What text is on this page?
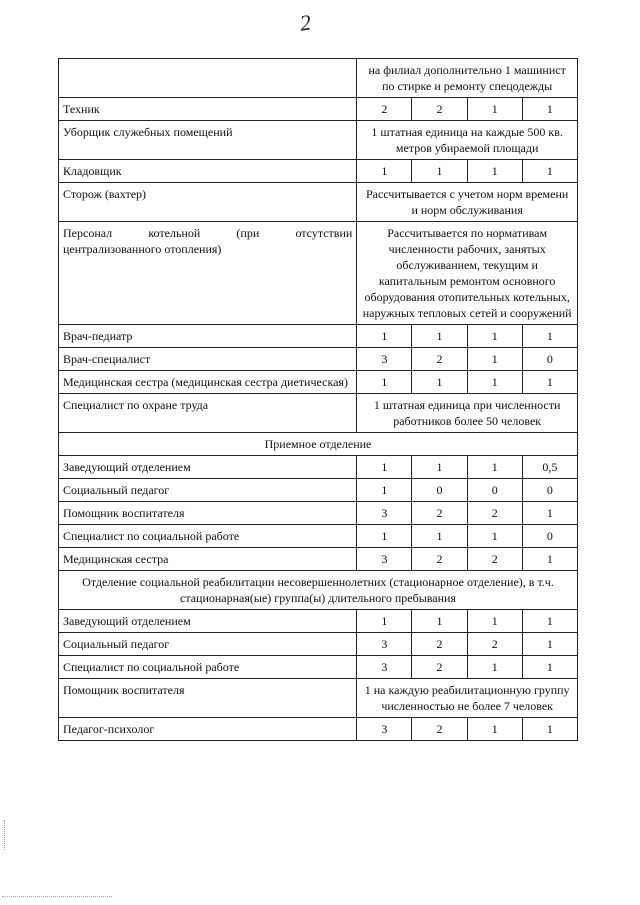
2
	на филиал дополнительно 1 машинист по стирке и ремонту спецодежды			
Техник	2	2	1	1
Уборщик служебных помещений	1 штатная единица на каждые 500 кв. метров убираемой площади			
Кладовщик	1	1	1	1
Сторож (вахтер)	Рассчитывается с учетом норм времени и норм обслуживания			
Персонал котельной (при отсутствии централизованного отопления)	Рассчитывается по нормативам численности рабочих, занятых обслуживанием, текущим и капитальным ремонтом основного оборудования отопительных котельных, наружных тепловых сетей и сооружений			
Врач-педиатр	1	1	1	1
Врач-специалист	3	2	1	0
Медицинская сестра (медицинская сестра диетическая)	1	1	1	1
Специалист по охране труда	1 штатная единица при численности работников более 50 человек			
Приемное отделение				
Заведующий отделением	1	1	1	0,5
Социальный педагог	1	0	0	0
Помощник воспитателя	3	2	2	1
Специалист по социальной работе	1	1	1	0
Медицинская сестра	3	2	2	1
Отделение социальной реабилитации несовершеннолетних (стационарное отделение), в т.ч. стационарная(ые) группа(ы) длительного пребывания				
Заведующий отделением	1	1	1	1
Социальный педагог	3	2	2	1
Специалист по социальной работе	3	2	1	1
Помощник воспитателя	1 на каждую реабилитационную группу численностью не более 7 человек			
Педагог-психолог	3	2	1	1
